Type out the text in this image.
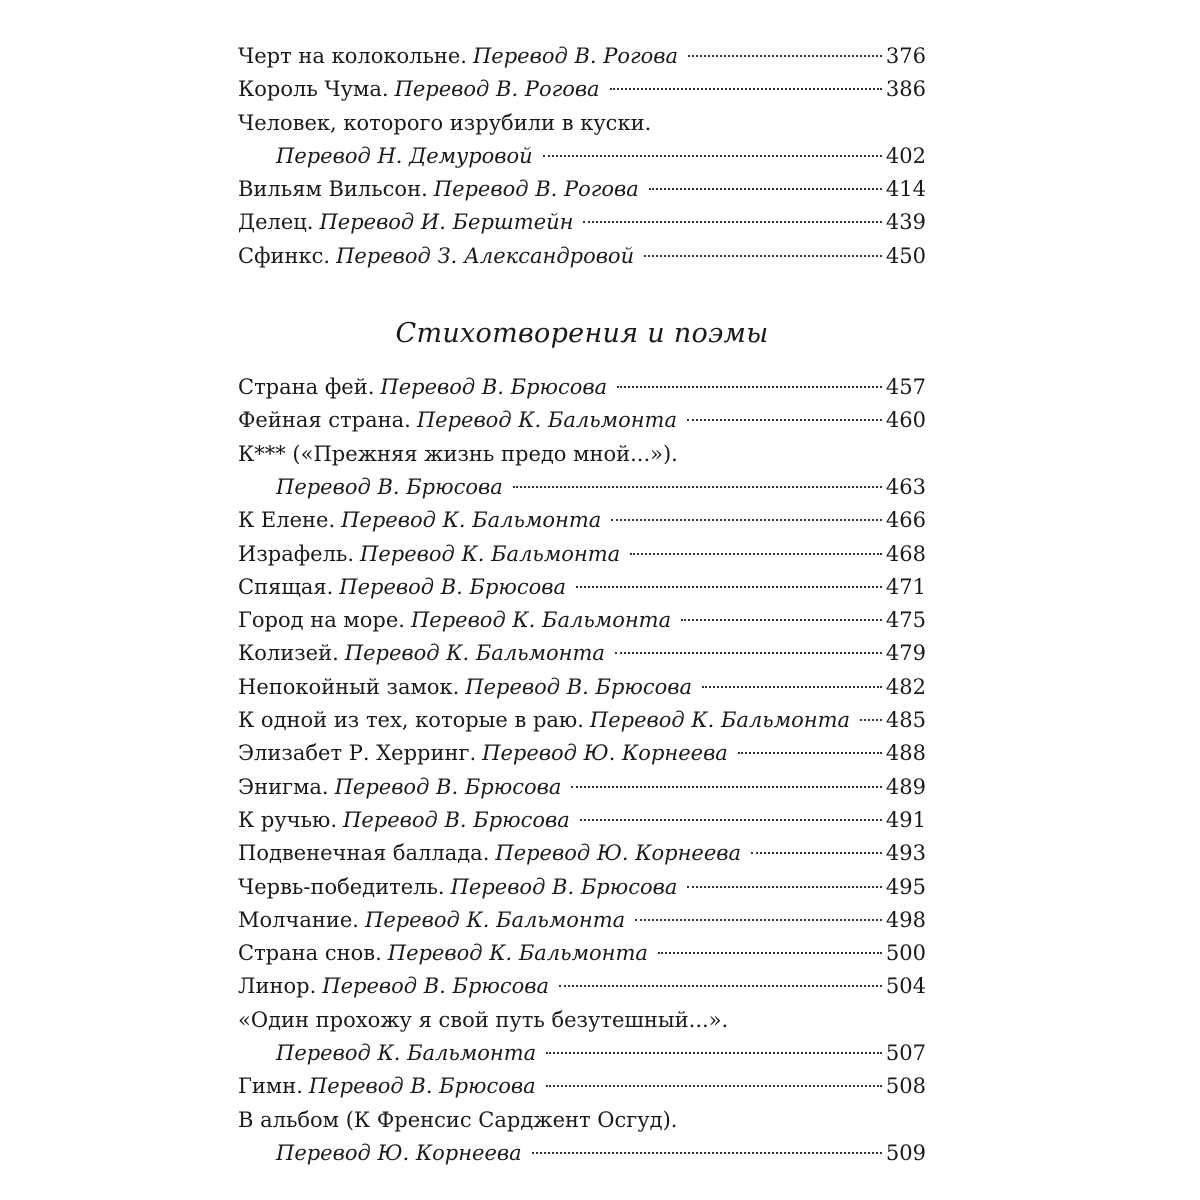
Черт на колокольне. Перевод В. Рогова	376
Король Чума. Перевод В. Рогова	386
Человек, которого изрубили в куски.
Перевод Н. Демуровой	402
Вильям Вильсон. Перевод В. Рогова	414
Делец. Перевод И. Берштейн	439
Сфинкс. Перевод З. Александровой	450
Стихотворения и поэмы
Страна фей. Перевод В. Брюсова	457
Фейная страна. Перевод К. Бальмонта	460
К*** («Прежняя жизнь предо мной...»).
Перевод В. Брюсова	463
К Елене. Перевод К. Бальмонта	466
Израфель. Перевод К. Бальмонта	468
Спящая. Перевод В. Брюсова	471
Город на море. Перевод К. Бальмонта	475
Колизей. Перевод К. Бальмонта	479
Непокойный замок. Перевод В. Брюсова	482
К одной из тех, которые в раю. Перевод К. Бальмонта 485
Элизабет Р. Херринг. Перевод Ю. Корнеева	488
Энигма. Перевод В. Брюсова	489
К ручью. Перевод В. Брюсова	491
Подвенечная баллада. Перевод Ю. Корнеева	493
Червь-победитель. Перевод В. Брюсова	495
Молчание. Перевод К. Бальмонта	498
Страна снов. Перевод К. Бальмонта	500
Линор. Перевод В. Брюсова	504
«Один прохожу я свой путь безутешный...».
Перевод К. Бальмонта	507
Гимн. Перевод В. Брюсова	508
В альбом (К Френсис Сарджент Осгуд).
Перевод Ю. Корнеева	509
